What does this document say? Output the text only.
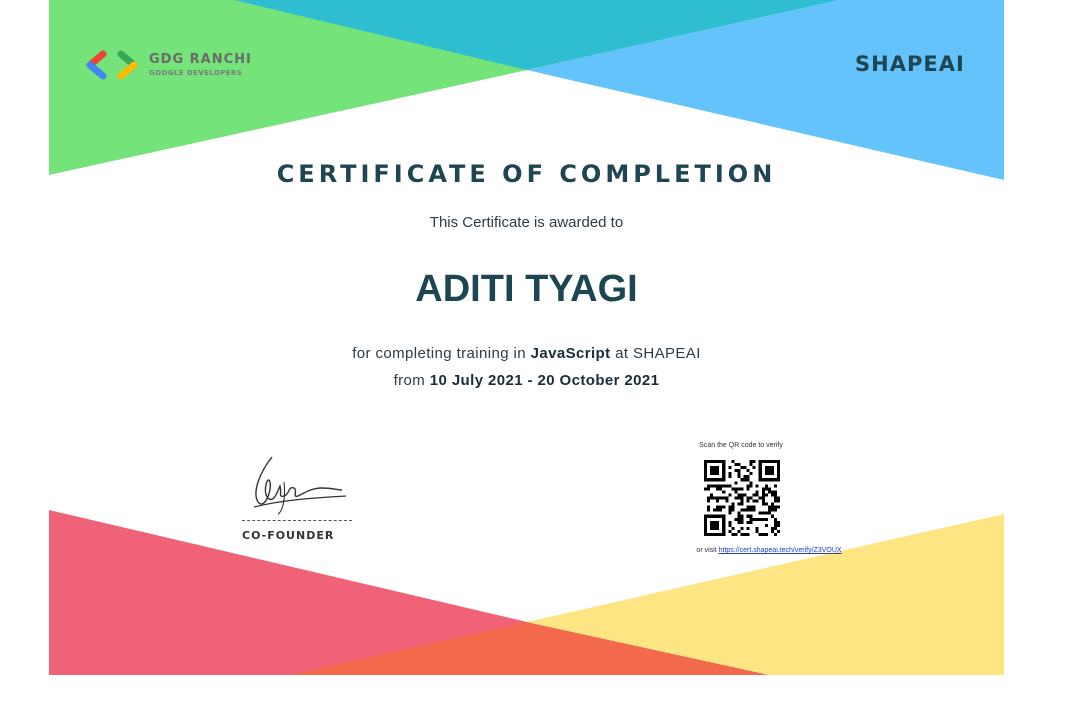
GDG RANCHI
GOOGLE DEVELOPERS	SHAPEAI
CERTIFICATE OF COMPLETION
This Certificate is awarded to
ADITI TYAGI
for completing training in JavaScript at SHAPEAI
from 10 July 2021 - 20 October 2021
CO-FOUNDER
Scan the QR code to verify
or visit https://cert.shapeai.tech/verify/Z3VOUX
